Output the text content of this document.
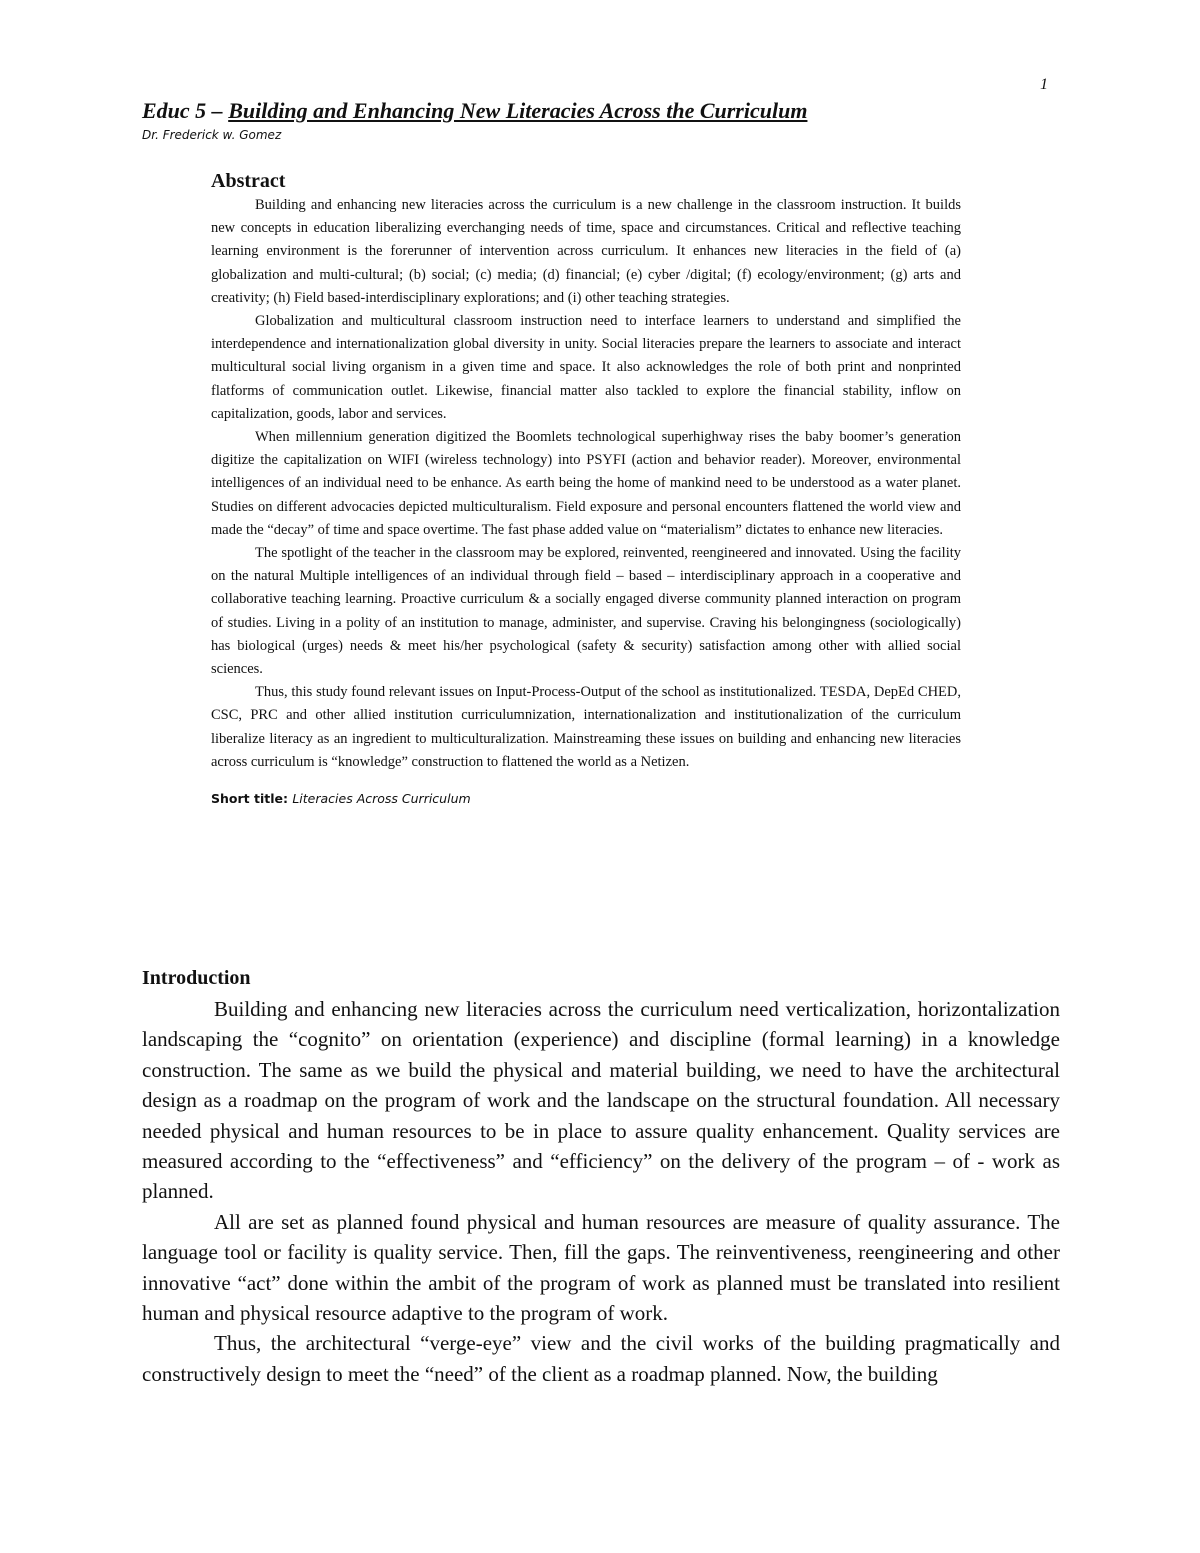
1
Educ 5 – Building and Enhancing New Literacies Across the Curriculum
Dr. Frederick w. Gomez
Abstract

Building and enhancing new literacies across the curriculum is a new challenge in the classroom instruction. It builds new concepts in education liberalizing everchanging needs of time, space and circumstances. Critical and reflective teaching learning environment is the forerunner of intervention across curriculum. It enhances new literacies in the field of (a) globalization and multi-cultural; (b) social; (c) media; (d) financial; (e) cyber /digital; (f) ecology/environment; (g) arts and creativity; (h) Field based-interdisciplinary explorations; and (i) other teaching strategies.

Globalization and multicultural classroom instruction need to interface learners to understand and simplified the interdependence and internationalization global diversity in unity. Social literacies prepare the learners to associate and interact multicultural social living organism in a given time and space. It also acknowledges the role of both print and nonprinted flatforms of communication outlet. Likewise, financial matter also tackled to explore the financial stability, inflow on capitalization, goods, labor and services.

When millennium generation digitized the Boomlets technological superhighway rises the baby boomer’s generation digitize the capitalization on WIFI (wireless technology) into PSYFI (action and behavior reader). Moreover, environmental intelligences of an individual need to be enhance. As earth being the home of mankind need to be understood as a water planet. Studies on different advocacies depicted multiculturalism. Field exposure and personal encounters flattened the world view and made the “decay” of time and space overtime. The fast phase added value on “materialism” dictates to enhance new literacies.

The spotlight of the teacher in the classroom may be explored, reinvented, reengineered and innovated. Using the facility on the natural Multiple intelligences of an individual through field – based – interdisciplinary approach in a cooperative and collaborative teaching learning. Proactive curriculum & a socially engaged diverse community planned interaction on program of studies. Living in a polity of an institution to manage, administer, and supervise. Craving his belongingness (sociologically) has biological (urges) needs & meet his/her psychological (safety & security) satisfaction among other with allied social sciences.

Thus, this study found relevant issues on Input-Process-Output of the school as institutionalized. TESDA, DepEd CHED, CSC, PRC and other allied institution curriculumnization, internationalization and institutionalization of the curriculum liberalize literacy as an ingredient to multiculturalization. Mainstreaming these issues on building and enhancing new literacies across curriculum is “knowledge” construction to flattened the world as a Netizen.

Short title: Literacies Across Curriculum
Introduction

Building and enhancing new literacies across the curriculum need verticalization, horizontalization landscaping the “cognito” on orientation (experience) and discipline (formal learning) in a knowledge construction. The same as we build the physical and material building, we need to have the architectural design as a roadmap on the program of work and the landscape on the structural foundation. All necessary needed physical and human resources to be in place to assure quality enhancement. Quality services are measured according to the “effectiveness” and “efficiency” on the delivery of the program – of - work as planned.

All are set as planned found physical and human resources are measure of quality assurance. The language tool or facility is quality service. Then, fill the gaps. The reinventiveness, reengineering and other innovative “act” done within the ambit of the program of work as planned must be translated into resilient human and physical resource adaptive to the program of work.

Thus, the architectural “verge-eye” view and the civil works of the building pragmatically and constructively design to meet the “need” of the client as a roadmap planned. Now, the building
